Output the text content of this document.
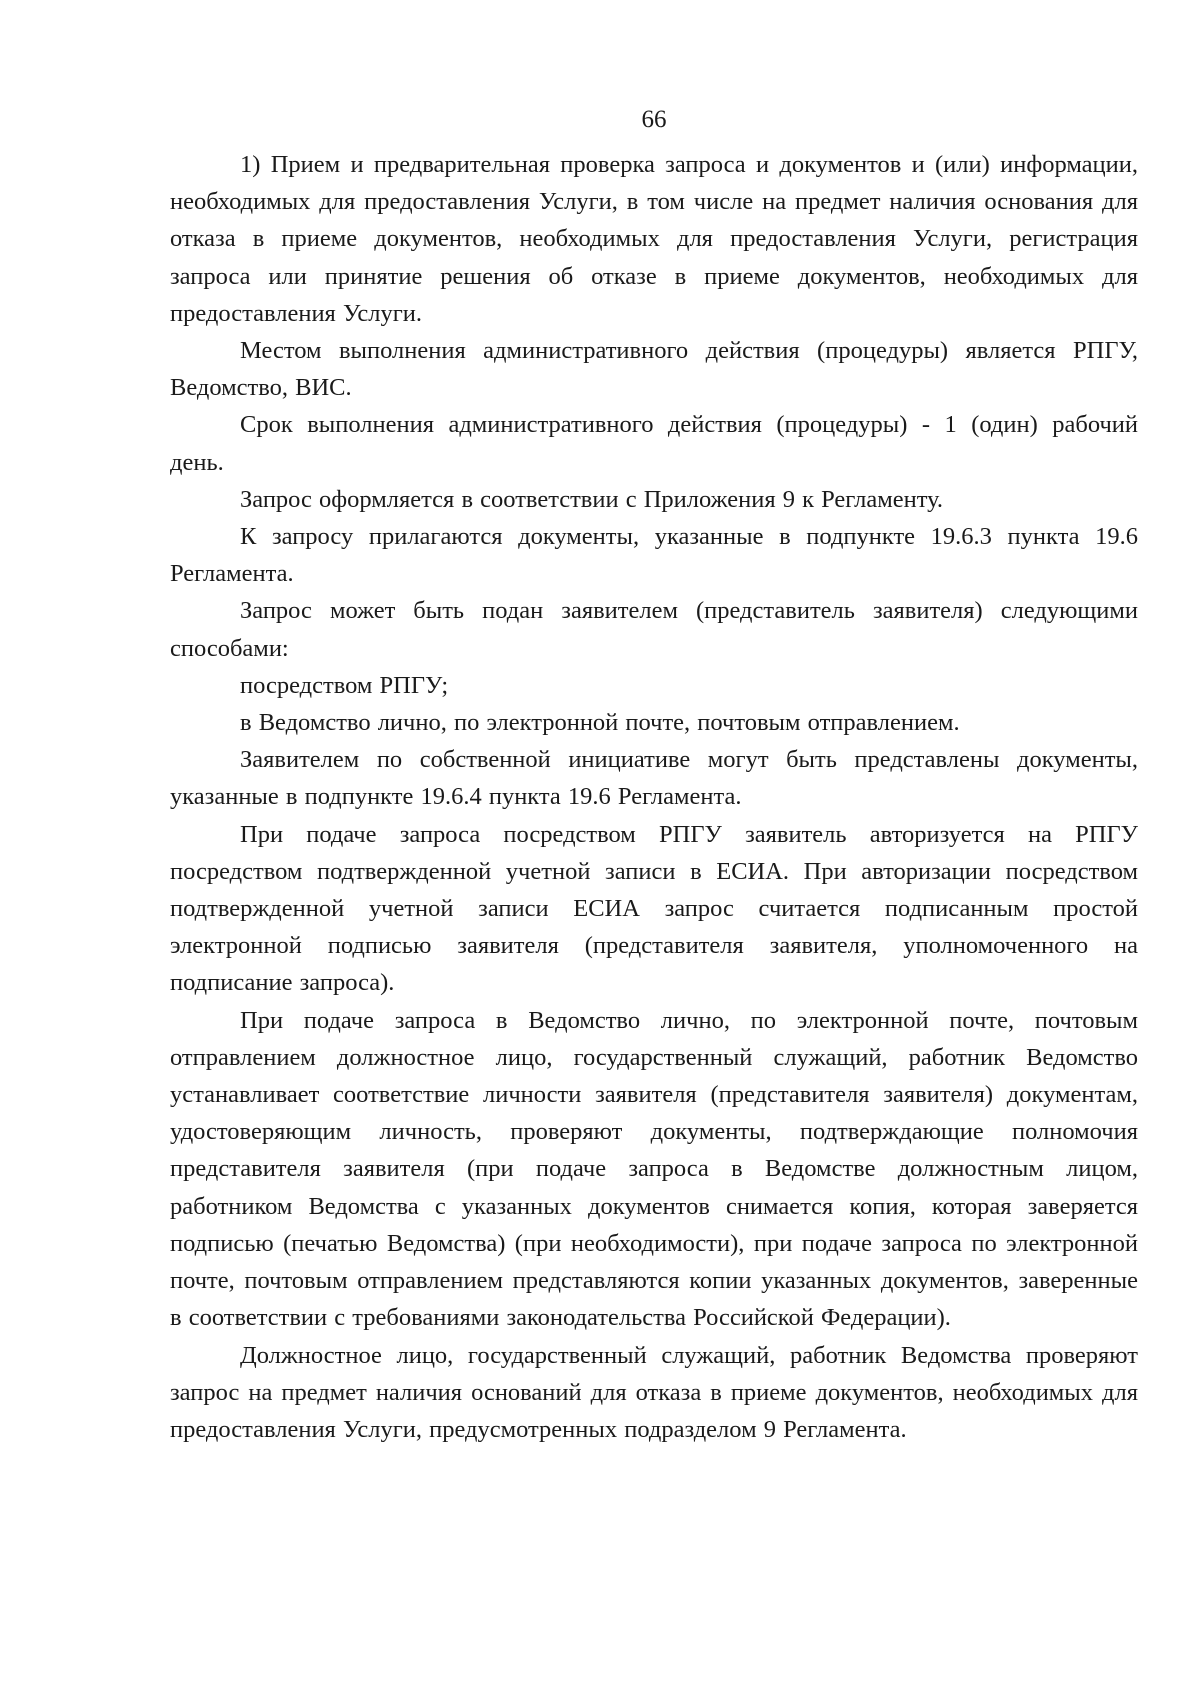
66

1) Прием и предварительная проверка запроса и документов и (или) информации, необходимых для предоставления Услуги, в том числе на предмет наличия основания для отказа в приеме документов, необходимых для предоставления Услуги, регистрация запроса или принятие решения об отказе в приеме документов, необходимых для предоставления Услуги.

Местом выполнения административного действия (процедуры) является РПГУ, Ведомство, ВИС.

Срок выполнения административного действия (процедуры) - 1 (один) рабочий день.

Запрос оформляется в соответствии с Приложения 9 к Регламенту.

К запросу прилагаются документы, указанные в подпункте 19.6.3 пункта 19.6 Регламента.

Запрос может быть подан заявителем (представитель заявителя) следующими способами:

посредством РПГУ;

в Ведомство лично, по электронной почте, почтовым отправлением.

Заявителем по собственной инициативе могут быть представлены документы, указанные в подпункте 19.6.4 пункта 19.6 Регламента.

При подаче запроса посредством РПГУ заявитель авторизуется на РПГУ посредством подтвержденной учетной записи в ЕСИА. При авторизации посредством подтвержденной учетной записи ЕСИА запрос считается подписанным простой электронной подписью заявителя (представителя заявителя, уполномоченного на подписание запроса).

При подаче запроса в Ведомство лично, по электронной почте, почтовым отправлением должностное лицо, государственный служащий, работник Ведомство устанавливает соответствие личности заявителя (представителя заявителя) документам, удостоверяющим личность, проверяют документы, подтверждающие полномочия представителя заявителя (при подаче запроса в Ведомстве должностным лицом, работником Ведомства с указанных документов снимается копия, которая заверяется подписью (печатью Ведомства) (при необходимости), при подаче запроса по электронной почте, почтовым отправлением представляются копии указанных документов, заверенные в соответствии с требованиями законодательства Российской Федерации).

Должностное лицо, государственный служащий, работник Ведомства проверяют запрос на предмет наличия оснований для отказа в приеме документов, необходимых для предоставления Услуги, предусмотренных подразделом 9 Регламента.
